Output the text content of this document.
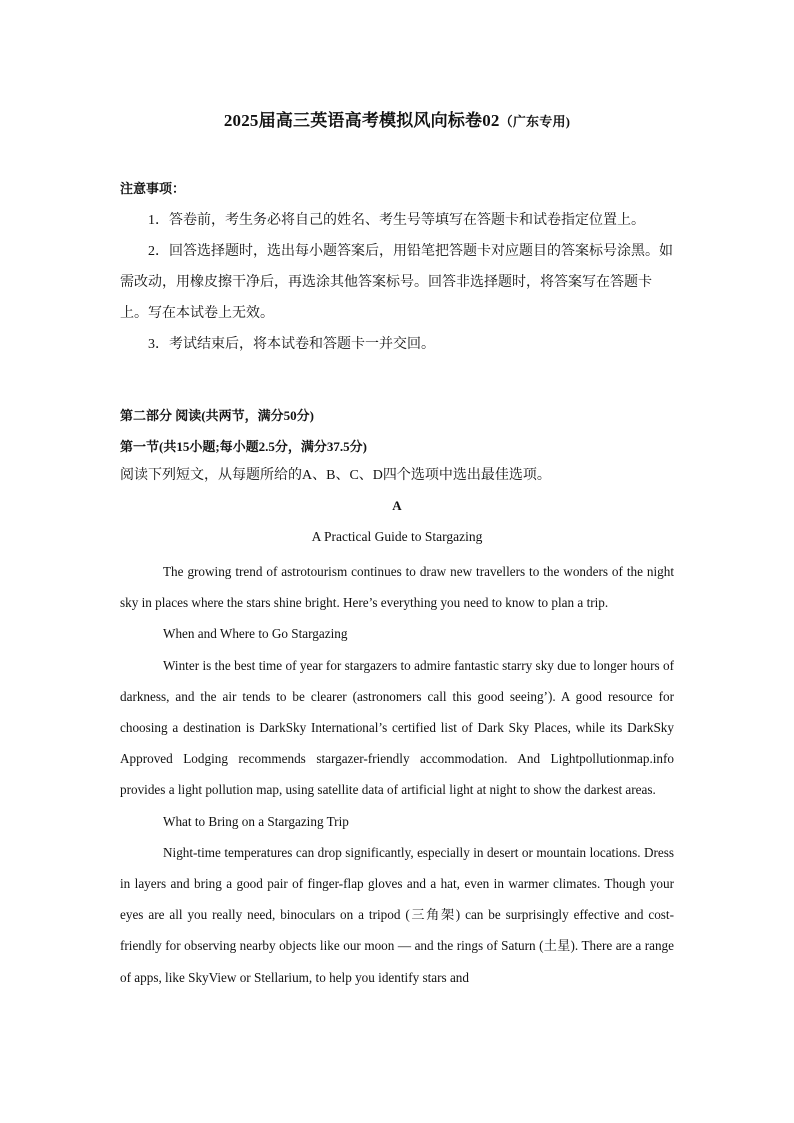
2025届高三英语高考模拟风向标卷02（广东专用)
注意事项：

1．答卷前，考生务必将自己的姓名、考生号等填写在答题卡和试卷指定位置上。

2．回答选择题时，选出每小题答案后，用铅笔把答题卡对应题目的答案标号涂黑。如需改动，用橡皮擦干净后，再选涂其他答案标号。回答非选择题时，将答案写在答题卡上。写在本试卷上无效。

3．考试结束后，将本试卷和答题卡一并交回。

第二部分 阅读(共两节，满分50分)
第一节(共15小题;每小题2.5分，满分37.5分)
阅读下列短文，从每题所给的A、B、C、D四个选项中选出最佳选项。
A
A Practical Guide to Stargazing

The growing trend of astrotourism continues to draw new travellers to the wonders of the night sky in places where the stars shine bright. Here’s everything you need to know to plan a trip.

When and Where to Go Stargazing

Winter is the best time of year for stargazers to admire fantastic starry sky due to longer hours of darkness, and the air tends to be clearer (astronomers call this good seeing’). A good resource for choosing a destination is DarkSky International’s certified list of Dark Sky Places, while its DarkSky Approved Lodging recommends stargazer-friendly accommodation. And Lightpollutionmap.info provides a light pollution map, using satellite data of artificial light at night to show the darkest areas.

What to Bring on a Stargazing Trip

Night-time temperatures can drop significantly, especially in desert or mountain locations. Dress in layers and bring a good pair of finger-flap gloves and a hat, even in warmer climates. Though your eyes are all you really need, binoculars on a tripod (三角架) can be surprisingly effective and cost-friendly for observing nearby objects like our moon — and the rings of Saturn (土星). There are a range of apps, like SkyView or Stellarium, to help you identify stars and
